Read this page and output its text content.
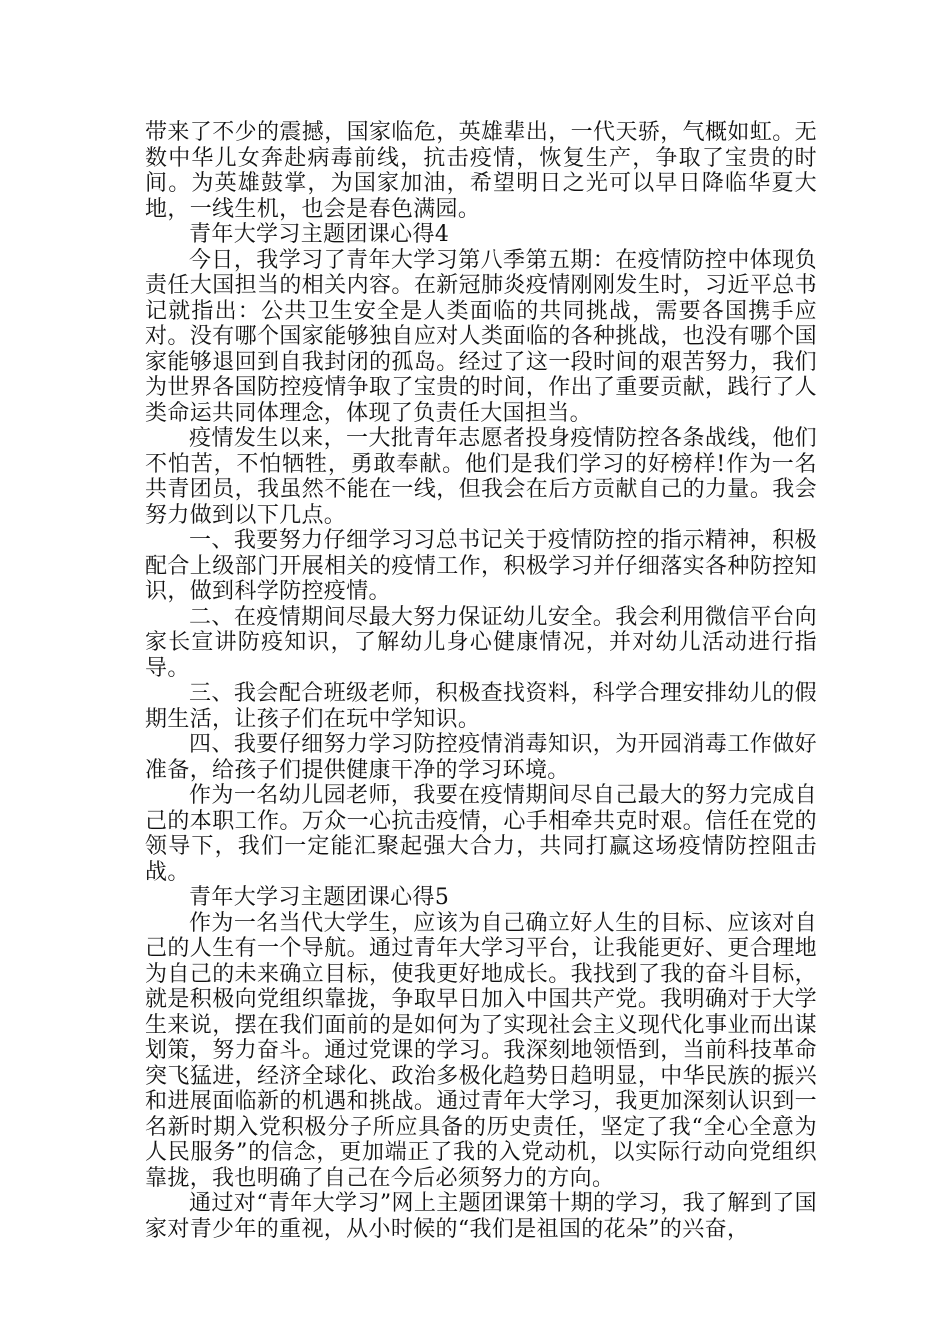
带来了不少的震撼，国家临危，英雄辈出，一代天骄，气概如虹。无数中华儿女奔赴病毒前线，抗击疫情，恢复生产，争取了宝贵的时间。为英雄鼓掌，为国家加油，希望明日之光可以早日降临华夏大地，一线生机，也会是春色满园。

青年大学习主题团课心得4

今日，我学习了青年大学习第八季第五期：在疫情防控中体现负责任大国担当的相关内容。在新冠肺炎疫情刚刚发生时，习近平总书记就指出：公共卫生安全是人类面临的共同挑战，需要各国携手应对。没有哪个国家能够独自应对人类面临的各种挑战，也没有哪个国家能够退回到自我封闭的孤岛。经过了这一段时间的艰苦努力，我们为世界各国防控疫情争取了宝贵的时间，作出了重要贡献，践行了人类命运共同体理念，体现了负责任大国担当。

疫情发生以来，一大批青年志愿者投身疫情防控各条战线，他们不怕苦，不怕牺牲，勇敢奉献。他们是我们学习的好榜样!作为一名共青团员，我虽然不能在一线，但我会在后方贡献自己的力量。我会努力做到以下几点。

一、我要努力仔细学习习总书记关于疫情防控的指示精神，积极配合上级部门开展相关的疫情工作，积极学习并仔细落实各种防控知识，做到科学防控疫情。

二、在疫情期间尽最大努力保证幼儿安全。我会利用微信平台向家长宣讲防疫知识，了解幼儿身心健康情况，并对幼儿活动进行指导。

三、我会配合班级老师，积极查找资料，科学合理安排幼儿的假期生活，让孩子们在玩中学知识。

四、我要仔细努力学习防控疫情消毒知识，为开园消毒工作做好准备，给孩子们提供健康干净的学习环境。

作为一名幼儿园老师，我要在疫情期间尽自己最大的努力完成自己的本职工作。万众一心抗击疫情，心手相牵共克时艰。信任在党的领导下，我们一定能汇聚起强大合力，共同打赢这场疫情防控阻击战。

青年大学习主题团课心得5

作为一名当代大学生，应该为自己确立好人生的目标、应该对自己的人生有一个导航。通过青年大学习平台，让我能更好、更合理地为自己的未来确立目标，使我更好地成长。我找到了我的奋斗目标，就是积极向党组织靠拢，争取早日加入中国共产党。我明确对于大学生来说，摆在我们面前的是如何为了实现社会主义现代化事业而出谋划策，努力奋斗。通过党课的学习。我深刻地领悟到，当前科技革命突飞猛进，经济全球化、政治多极化趋势日趋明显，中华民族的振兴和进展面临新的机遇和挑战。通过青年大学习，我更加深刻认识到一名新时期入党积极分子所应具备的历史责任，坚定了我“全心全意为人民服务”的信念，更加端正了我的入党动机，以实际行动向党组织靠拢，我也明确了自己在今后必须努力的方向。

通过对“青年大学习”网上主题团课第十期的学习，我了解到了国家对青少年的重视，从小时候的“我们是祖国的花朵”的兴奋，
